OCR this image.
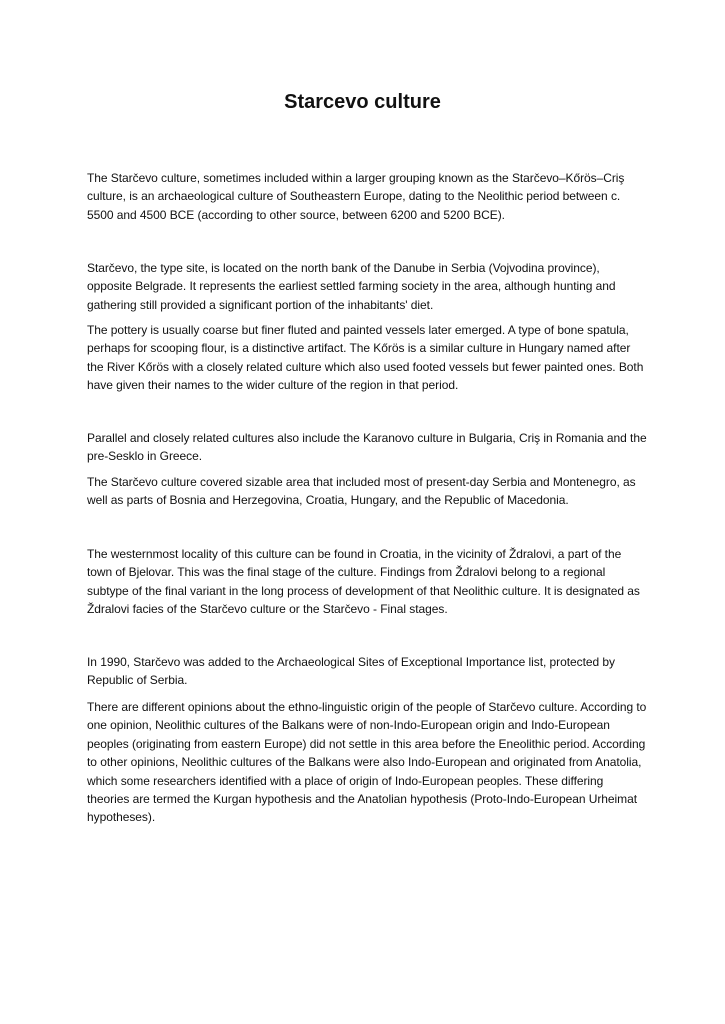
Starcevo culture

The Starčevo culture, sometimes included within a larger grouping known as the Starčevo–Kőrös–Criş culture, is an archaeological culture of Southeastern Europe, dating to the Neolithic period between c. 5500 and 4500 BCE (according to other source, between 6200 and 5200 BCE).

Starčevo, the type site, is located on the north bank of the Danube in Serbia (Vojvodina province), opposite Belgrade. It represents the earliest settled farming society in the area, although hunting and gathering still provided a significant portion of the inhabitants' diet.

The pottery is usually coarse but finer fluted and painted vessels later emerged. A type of bone spatula, perhaps for scooping flour, is a distinctive artifact. The Kőrös is a similar culture in Hungary named after the River Kőrös with a closely related culture which also used footed vessels but fewer painted ones. Both have given their names to the wider culture of the region in that period.

Parallel and closely related cultures also include the Karanovo culture in Bulgaria, Criş in Romania and the pre-Sesklo in Greece.

The Starčevo culture covered sizable area that included most of present-day Serbia and Montenegro, as well as parts of Bosnia and Herzegovina, Croatia, Hungary, and the Republic of Macedonia.

The westernmost locality of this culture can be found in Croatia, in the vicinity of Ždralovi, a part of the town of Bjelovar. This was the final stage of the culture. Findings from Ždralovi belong to a regional subtype of the final variant in the long process of development of that Neolithic culture. It is designated as Ždralovi facies of the Starčevo culture or the Starčevo - Final stages.

In 1990, Starčevo was added to the Archaeological Sites of Exceptional Importance list, protected by Republic of Serbia.

There are different opinions about the ethno-linguistic origin of the people of Starčevo culture. According to one opinion, Neolithic cultures of the Balkans were of non-Indo-European origin and Indo-European peoples (originating from eastern Europe) did not settle in this area before the Eneolithic period. According to other opinions, Neolithic cultures of the Balkans were also Indo-European and originated from Anatolia, which some researchers identified with a place of origin of Indo-European peoples. These differing theories are termed the Kurgan hypothesis and the Anatolian hypothesis (Proto-Indo-European Urheimat hypotheses).
